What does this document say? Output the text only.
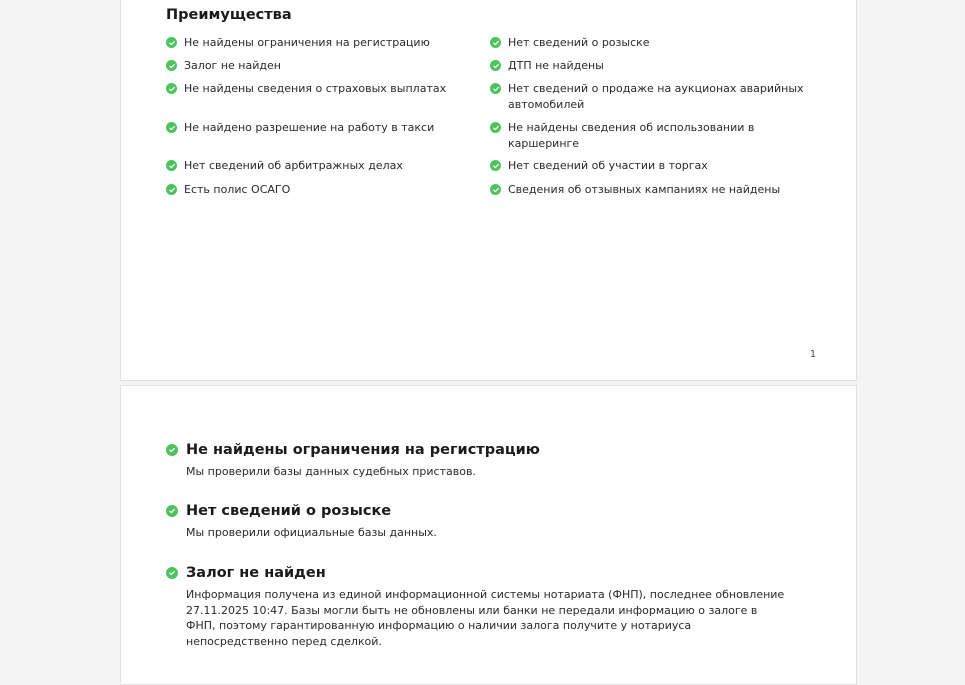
Преимущества
Не найдены ограничения на регистрацию	Нет сведений о розыске
Залог не найден	ДТП не найдены
Не найдены сведения о страховых выплатах	Нет сведений о продаже на аукционах аварийных автомобилей
Не найдено разрешение на работу в такси	Не найдены сведения об использовании в каршеринге
Нет сведений об арбитражных делах	Нет сведений об участии в торгах
Есть полис ОСАГО	Сведения об отзывных кампаниях не найдены
1
Не найдены ограничения на регистрацию

Мы проверили базы данных судебных приставов.

Нет сведений о розыске

Мы проверили официальные базы данных.

Залог не найден

Информация получена из единой информационной системы нотариата (ФНП), последнее обновление 27.11.2025 10:47. Базы могли быть не обновлены или банки не передали информацию о залоге в ФНП, поэтому гарантированную информацию о наличии залога получите у нотариуса непосредственно перед сделкой.
